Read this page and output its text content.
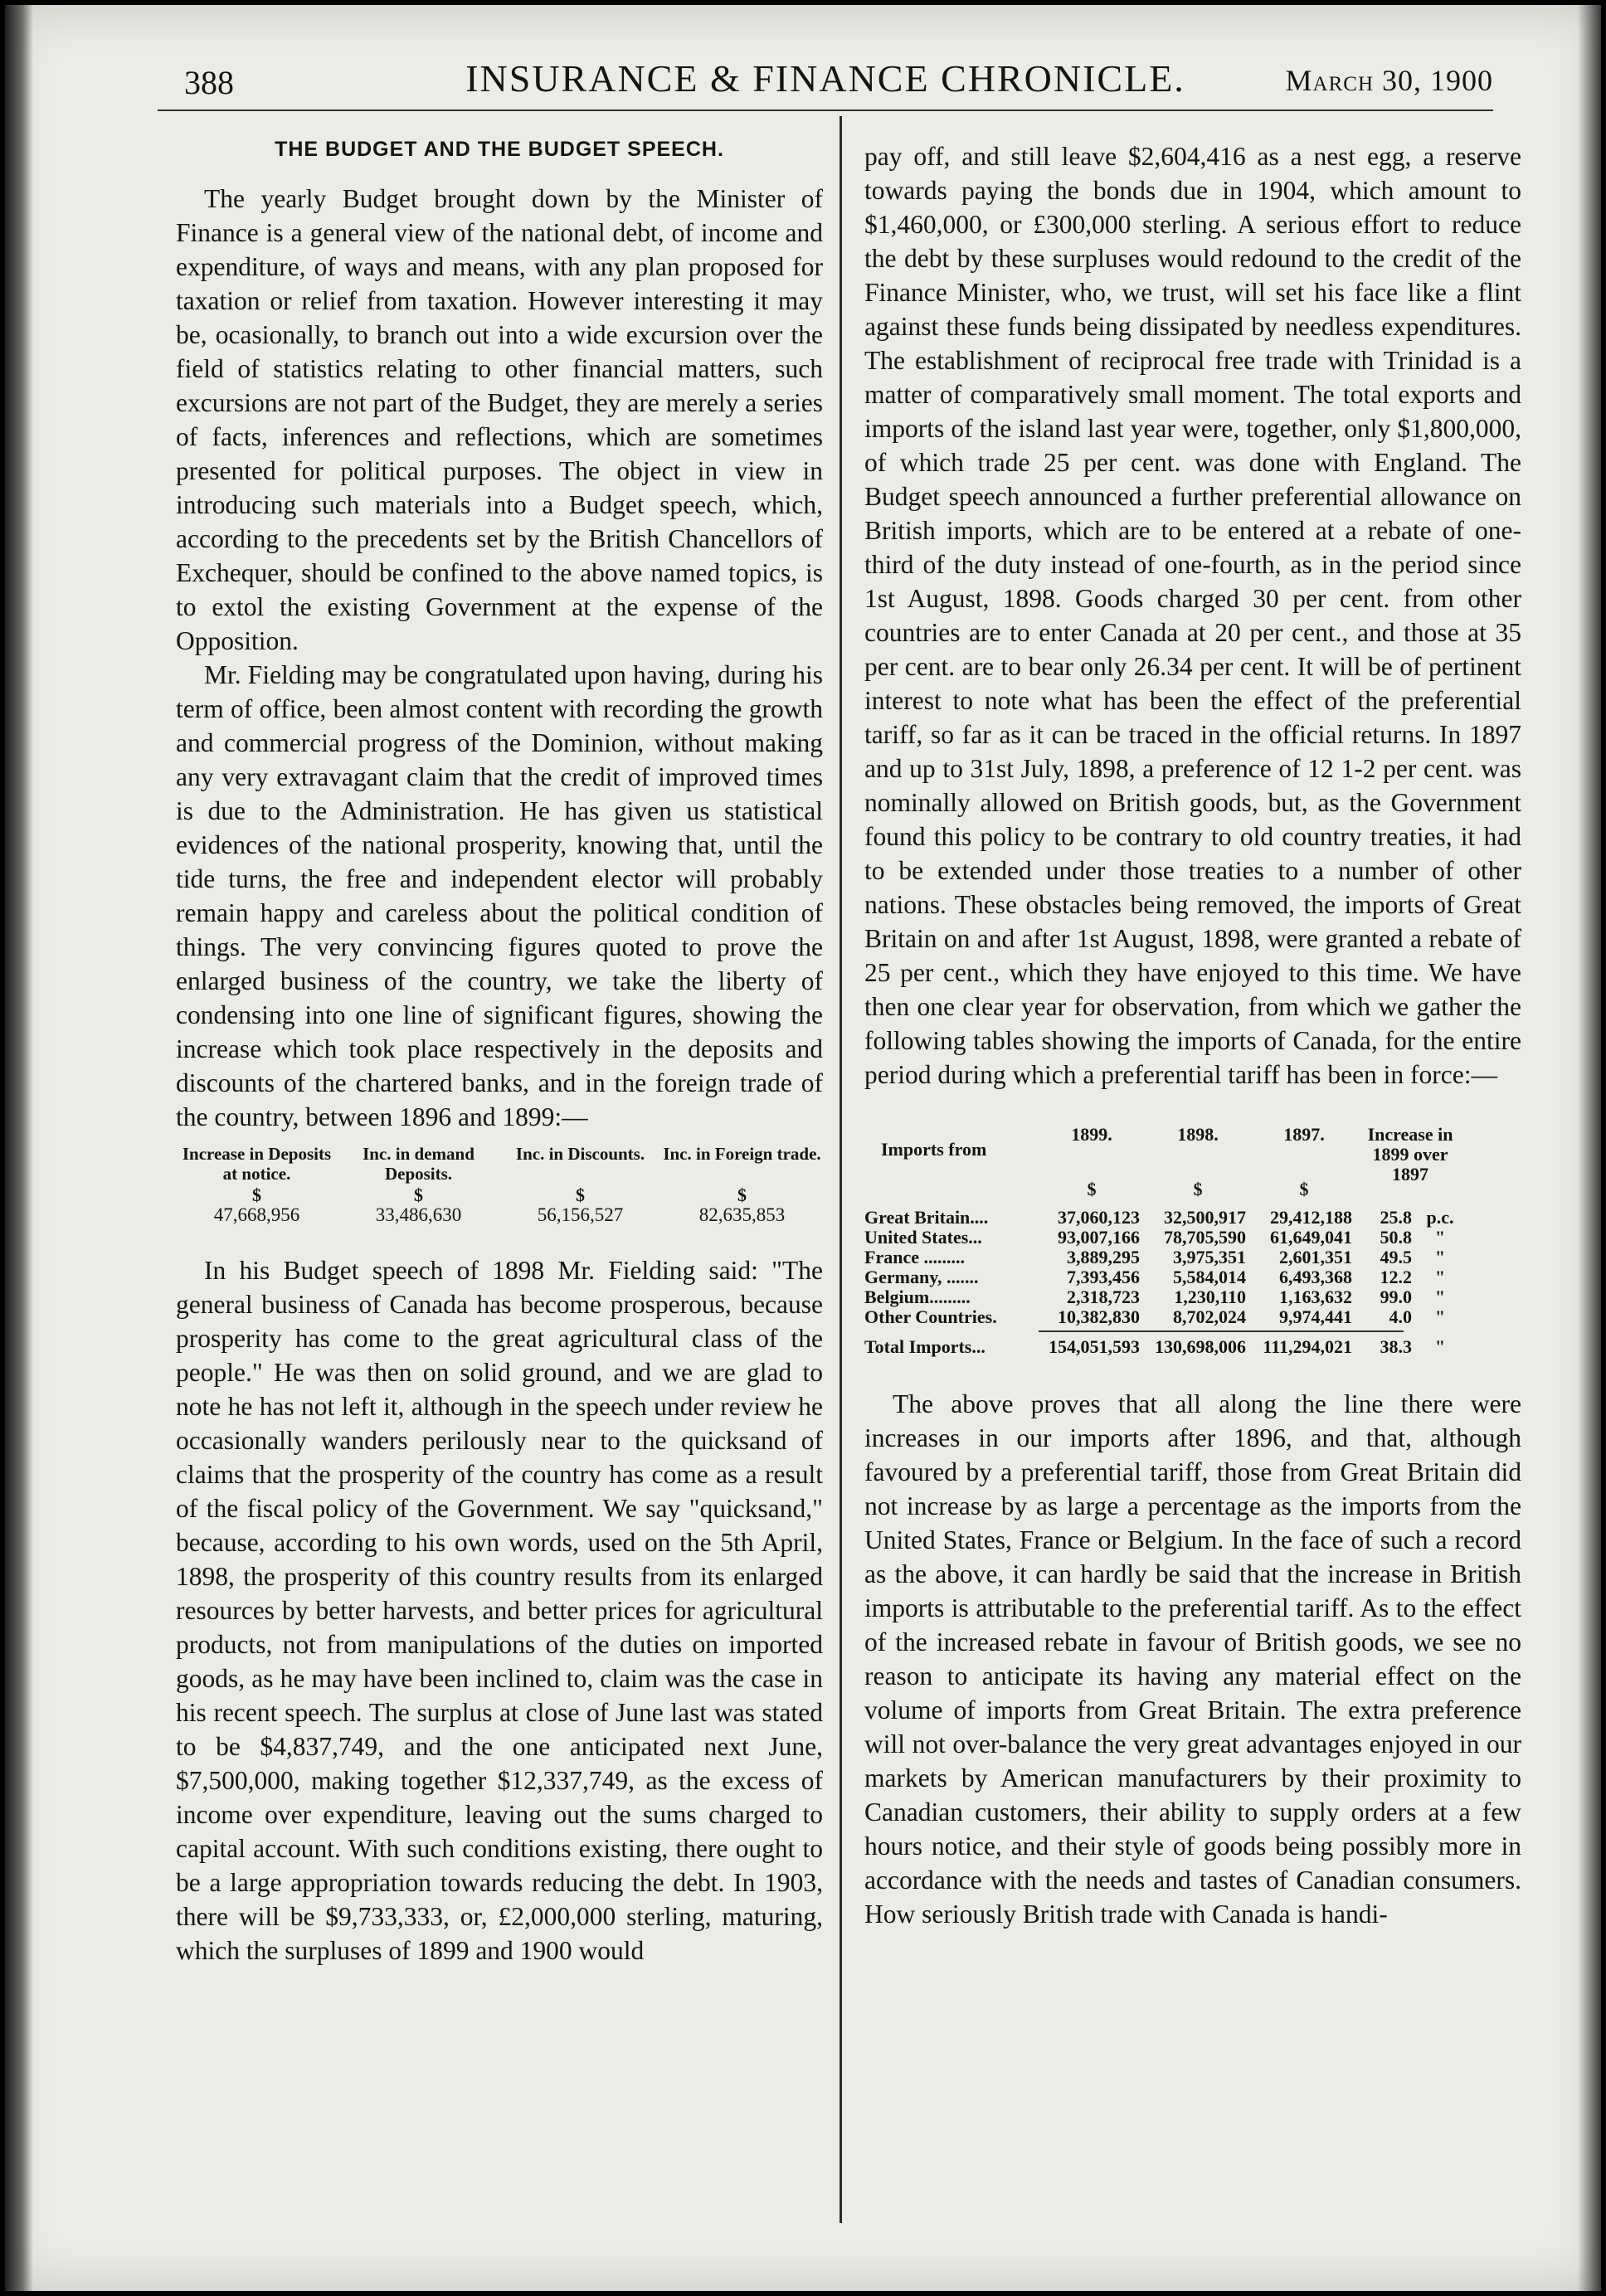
388	INSURANCE & FINANCE CHRONICLE.	March 30, 1900
THE BUDGET AND THE BUDGET SPEECH.

The yearly Budget brought down by the Minister of Finance is a general view of the national debt, of income and expenditure, of ways and means, with any plan proposed for taxation or relief from taxation. However interesting it may be, ocasionally, to branch out into a wide excursion over the field of statistics relating to other financial matters, such excursions are not part of the Budget, they are merely a series of facts, inferences and reflections, which are sometimes presented for political purposes. The object in view in introducing such materials into a Budget speech, which, according to the precedents set by the British Chancellors of Exchequer, should be confined to the above named topics, is to extol the existing Government at the expense of the Opposition.

Mr. Fielding may be congratulated upon having, during his term of office, been almost content with recording the growth and commercial progress of the Dominion, without making any very extravagant claim that the credit of improved times is due to the Administration. He has given us statistical evidences of the national prosperity, knowing that, until the tide turns, the free and independent elector will probably remain happy and careless about the political condition of things. The very convincing figures quoted to prove the enlarged business of the country, we take the liberty of condensing into one line of significant figures, showing the increase which took place respectively in the deposits and discounts of the chartered banks, and in the foreign trade of the country, between 1896 and 1899:—

Increase in Deposits at notice.
Inc. in demand Deposits.
Inc. in Discounts.	Inc. in Foreign trade.
$	$	$	$
47,668,956	33,486,630	56,156,527	82,635,853

In his Budget speech of 1898 Mr. Fielding said: "The general business of Canada has become prosperous, because prosperity has come to the great agricultural class of the people." He was then on solid ground, and we are glad to note he has not left it, although in the speech under review he occasionally wanders perilously near to the quicksand of claims that the prosperity of the country has come as a result of the fiscal policy of the Government. We say "quicksand," because, according to his own words, used on the 5th April, 1898, the prosperity of this country results from its enlarged resources by better harvests, and better prices for agricultural products, not from manipulations of the duties on imported goods, as he may have been inclined to, claim was the case in his recent speech. The surplus at close of June last was stated to be $4,837,749, and the one anticipated next June, $7,500,000, making together $12,337,749, as the excess of income over expenditure, leaving out the sums charged to capital account. With such conditions existing, there ought to be a large appropriation towards reducing the debt. In 1903, there will be $9,733,333, or, £2,000,000 sterling, maturing, which the surpluses of 1899 and 1900 would

pay off, and still leave $2,604,416 as a nest egg, a reserve towards paying the bonds due in 1904, which amount to $1,460,000, or £300,000 sterling. A serious effort to reduce the debt by these surpluses would redound to the credit of the Finance Minister, who, we trust, will set his face like a flint against these funds being dissipated by needless expenditures. The establishment of reciprocal free trade with Trinidad is a matter of comparatively small moment. The total exports and imports of the island last year were, together, only $1,800,000, of which trade 25 per cent. was done with England. The Budget speech announced a further preferential allowance on British imports, which are to be entered at a rebate of one-third of the duty instead of one-fourth, as in the period since 1st August, 1898. Goods charged 30 per cent. from other countries are to enter Canada at 20 per cent., and those at 35 per cent. are to bear only 26.34 per cent. It will be of pertinent interest to note what has been the effect of the preferential tariff, so far as it can be traced in the official returns. In 1897 and up to 31st July, 1898, a preference of 12 1-2 per cent. was nominally allowed on British goods, but, as the Government found this policy to be contrary to old country treaties, it had to be extended under those treaties to a number of other nations. These obstacles being removed, the imports of Great Britain on and after 1st August, 1898, were granted a rebate of 25 per cent., which they have enjoyed to this time. We have then one clear year for observation, from which we gather the following tables showing the imports of Canada, for the entire period during which a preferential tariff has been in force:—

Imports from
1899.	1898.	1897.	Increase in 1899 over 1897
$	$	$
Great Britain....	37,060,123	32,500,917	29,412,188	25.8 p.c.
United States...	93,007,166	78,705,590	61,649,041	50.8	"
France .........	3,889,295	3,975,351	2,601,351	49.5	"
Germany, .......	7,393,456	5,584,014	6,493,368	12.2	"
Belgium.........	2,318,723	1,230,110	1,163,632	99.0	"
Other Countries.	10,382,830	8,702,024	9,974,441	4.0	"
Total Imports...	154,051,593 130,698,006 111,294,021	38.3	"

The above proves that all along the line there were increases in our imports after 1896, and that, although favoured by a preferential tariff, those from Great Britain did not increase by as large a percentage as the imports from the United States, France or Belgium. In the face of such a record as the above, it can hardly be said that the increase in British imports is attributable to the preferential tariff. As to the effect of the increased rebate in favour of British goods, we see no reason to anticipate its having any material effect on the volume of imports from Great Britain. The extra preference will not over-balance the very great advantages enjoyed in our markets by American manufacturers by their proximity to Canadian customers, their ability to supply orders at a few hours notice, and their style of goods being possibly more in accordance with the needs and tastes of Canadian consumers. How seriously British trade with Canada is handi-
